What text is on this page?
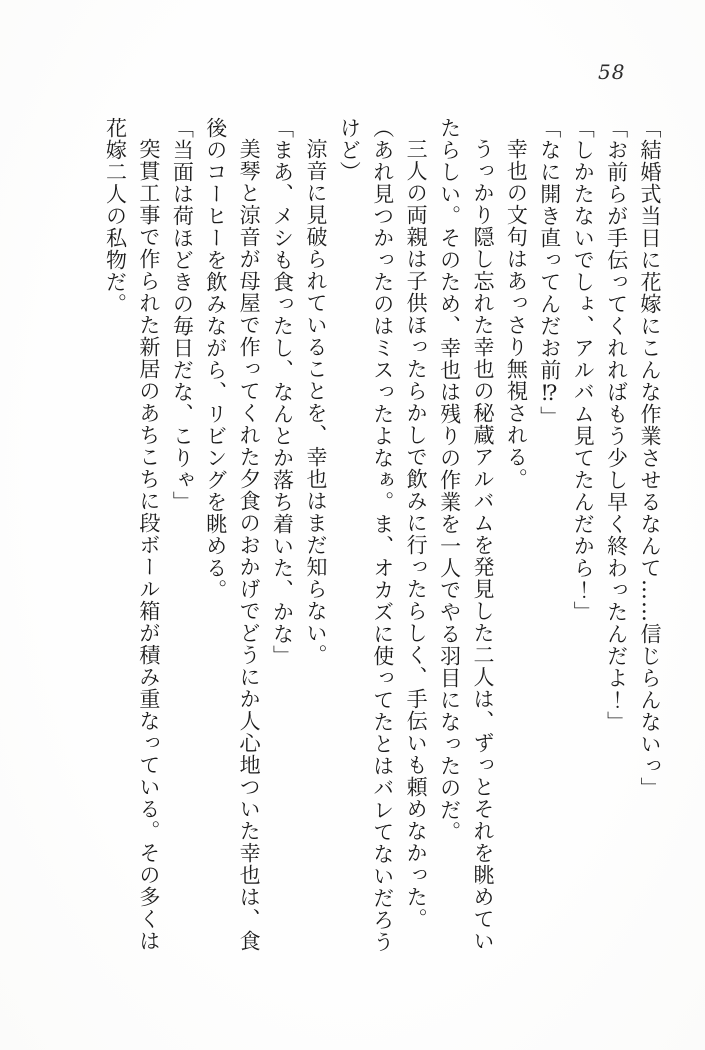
58

「結婚式当日に花嫁にこんな作業させるなんて……信じらんないっ」

「お前らが手伝ってくれればもう少し早く終わったんだよ！」

「しかたないでしょ、アルバム見てたんだから！」

「なに開き直ってんだお前⁉」

幸也の文句はあっさり無視される。

うっかり隠し忘れた幸也の秘蔵アルバムを発見した二人は、ずっとそれを眺めていたらしい。そのため、幸也は残りの作業を一人でやる羽目になったのだ。

三人の両親は子供ほったらかしで飲みに行ったらしく、手伝いも頼めなかった。

（あれ見つかったのはミスったよなぁ。ま、オカズに使ってたとはバレてないだろうけど）

涼音に見破られていることを、幸也はまだ知らない。

「まあ、メシも食ったし、なんとか落ち着いた、かな」

美琴と涼音が母屋で作ってくれた夕食のおかげでどうにか人心地ついた幸也は、食後のコーヒーを飲みながら、リビングを眺める。

「当面は荷ほどきの毎日だな、こりゃ」

突貫工事で作られた新居のあちこちに段ボール箱が積み重なっている。その多くは花嫁二人の私物だ。
